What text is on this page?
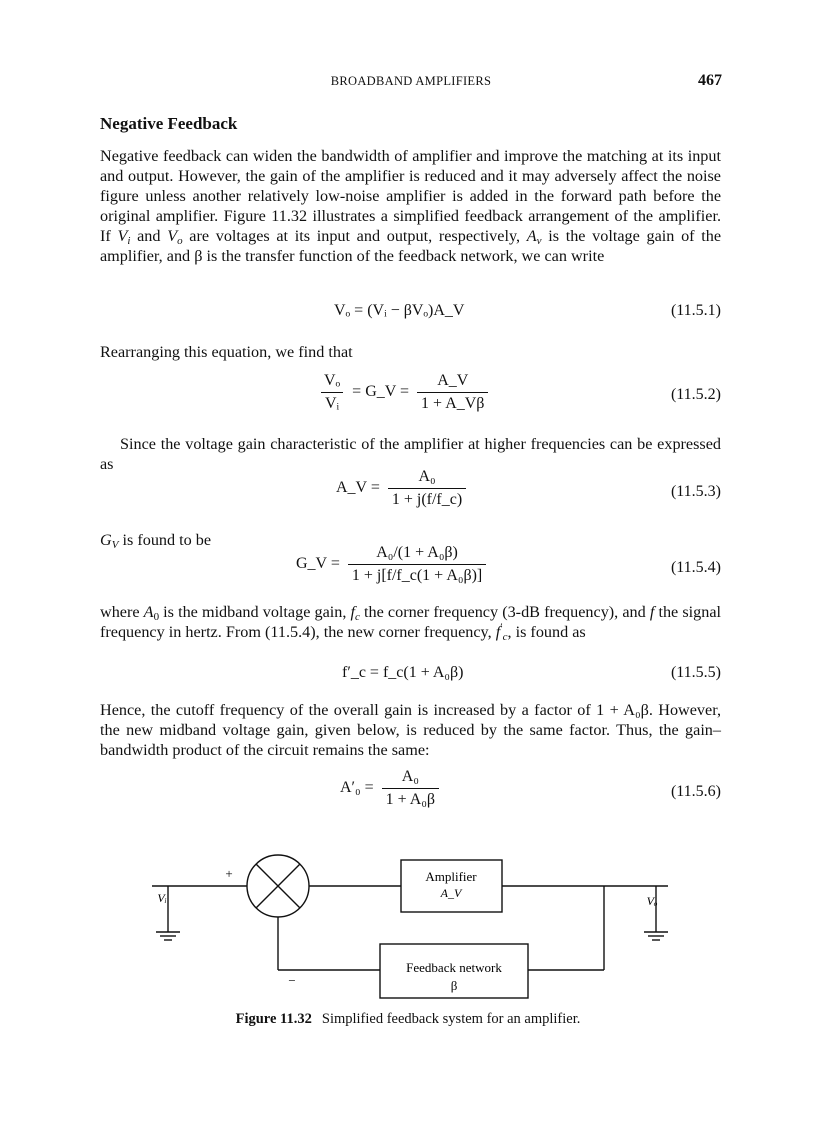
BROADBAND AMPLIFIERS	467
Negative Feedback

Negative feedback can widen the bandwidth of amplifier and improve the matching at its input and output. However, the gain of the amplifier is reduced and it may adversely affect the noise figure unless another relatively low-noise amplifier is added in the forward path before the original amplifier. Figure 11.32 illustrates a simplified feedback arrangement of the amplifier. If $V_i$ and $V_o$ are voltages at its input and output, respectively, $A_v$ is the voltage gain of the amplifier, and β is the transfer function of the feedback network, we can write

Vₒ = (Vᵢ − βVₒ)A_V	(11.5.1)

Rearranging this equation, we find that

$\frac{\text{Vₒ}}{\text{Vᵢ}}$ = G_V = $\frac{A\_V}{1 + A\_V\beta}$	(11.5.2)

Since the voltage gain characteristic of the amplifier at higher frequencies can be expressed as

A_V = $\frac{\text{A₀}}{1 + j(f/f\_c)}$	(11.5.3)

$G_V$ is found to be

G_V = $\frac{\text{A₀/(1 + A₀β)}}{\text{1 + j[f/f\_c(1 + A₀β)]}}$	(11.5.4)

where $A_0$ is the midband voltage gain, $f_c$ the corner frequency (3-dB frequency), and f the signal frequency in hertz. From (11.5.4), the new corner frequency, $f'_c$, is found as

f′_c = f_c(1 + A₀β)	(11.5.5)

Hence, the cutoff frequency of the overall gain is increased by a factor of 1 + A₀β. However, the new midband voltage gain, given below, is reduced by the same factor. Thus, the gain–bandwidth product of the circuit remains the same:

$A'_0 = \frac{\text{A₀}}{\text{1 + A₀β}}$	(11.5.6)
Amplifier
A_V
Feedback network
β
+
−
Vᵢ	Vₒ
Figure 11.32 Simplified feedback system for an amplifier.
